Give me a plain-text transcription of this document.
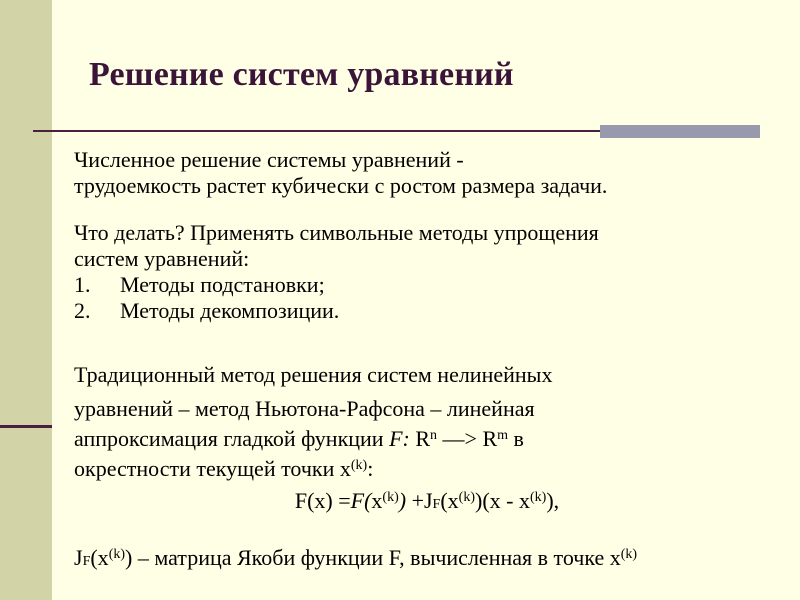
Решение систем уравнений
Численное решение системы уравнений -
трудоемкость растет кубически с ростом размера задачи.
Что делать? Применять символьные методы упрощения
систем уравнений:
1. Методы подстановки;
2. Методы декомпозиции.
Традиционный метод решения систем нелинейных
уравнений – метод Ньютона-Рафсона – линейная
аппроксимация гладкой функции F: $R^n$ —> $R^m$ в
окрестности текущей точки $x^{(k)}$:
$F(x) =F(x^{(k)}) +J_F(x^{(k)})(x - x^{(k)})$,
$J_F(x^{(k)})$ – матрица Якоби функции F, вычисленная в точке $x^{(k)}$
